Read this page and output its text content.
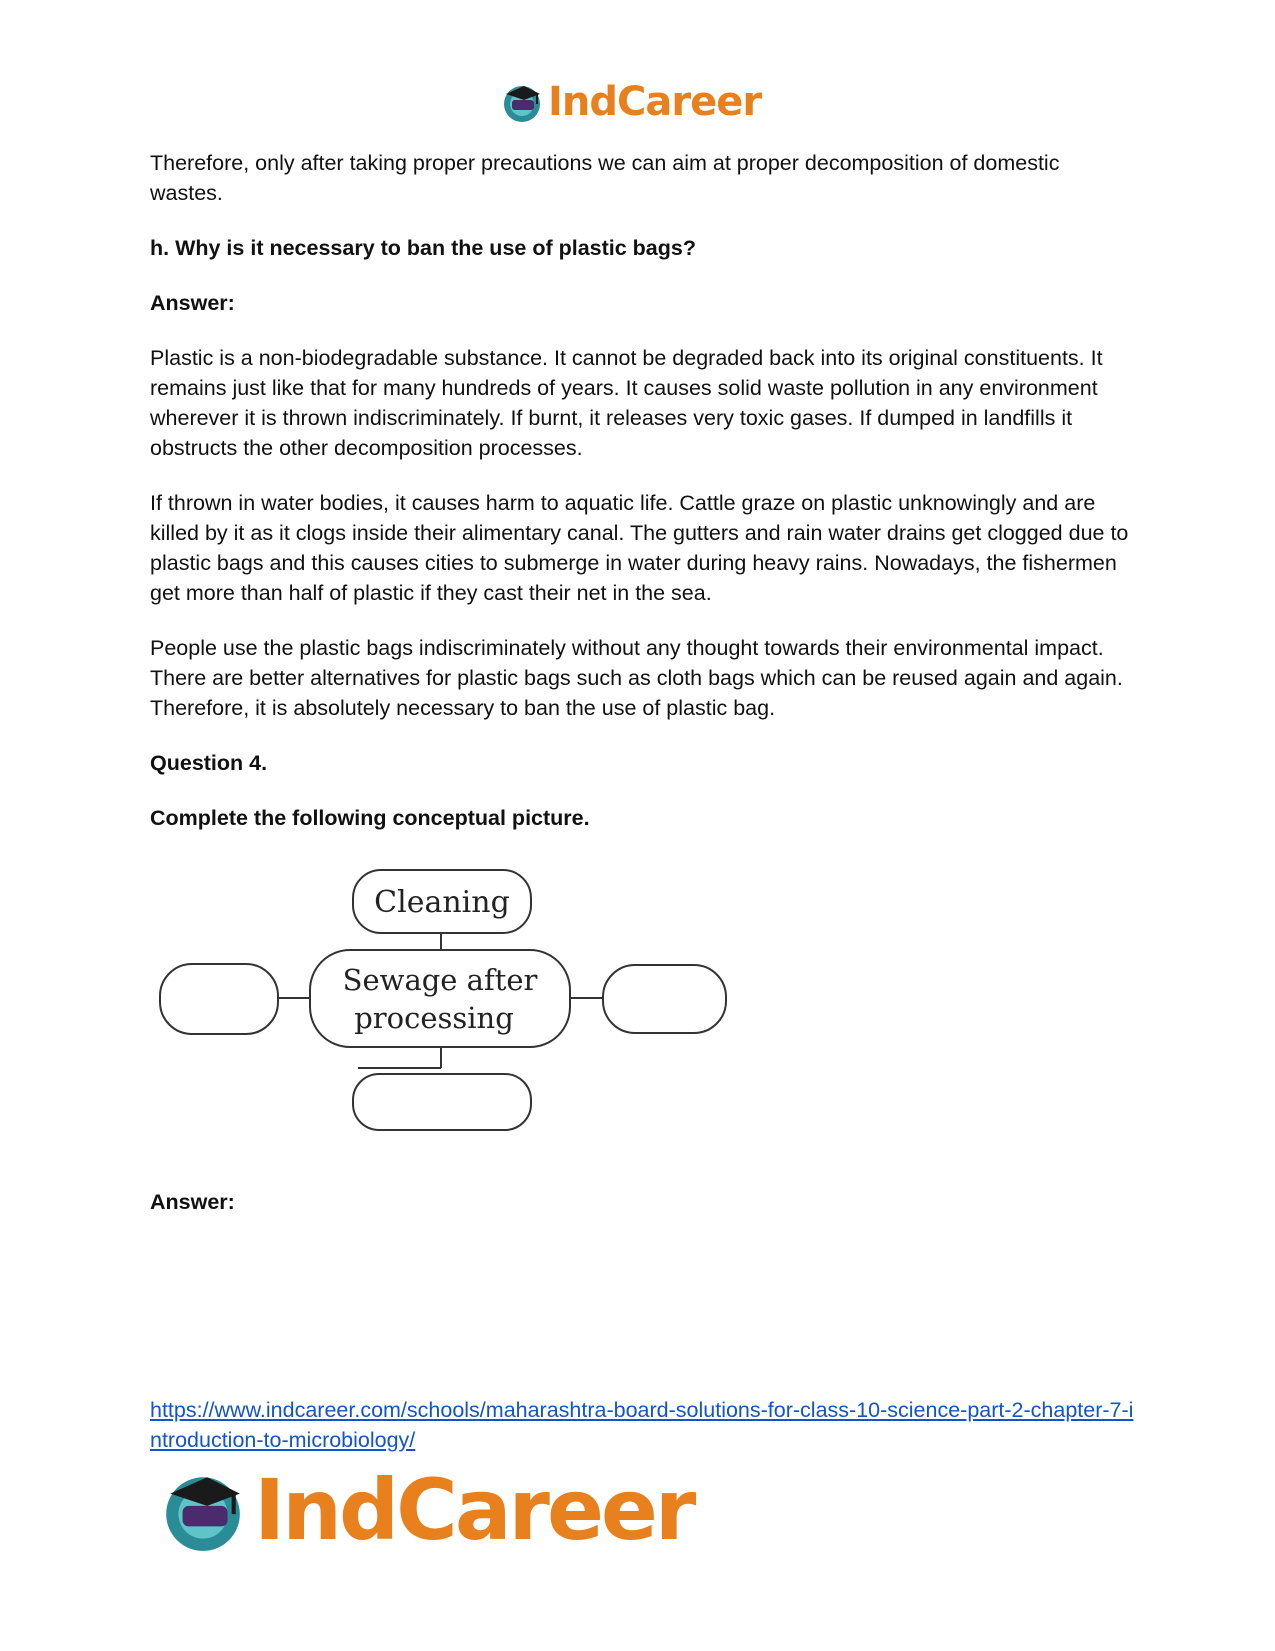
IndCareer

Therefore, only after taking proper precautions we can aim at proper decomposition of domestic wastes.

h. Why is it necessary to ban the use of plastic bags?

Answer:

Plastic is a non-biodegradable substance. It cannot be degraded back into its original constituents. It remains just like that for many hundreds of years. It causes solid waste pollution in any environment wherever it is thrown indiscriminately. If burnt, it releases very toxic gases. If dumped in landfills it obstructs the other decomposition processes.

If thrown in water bodies, it causes harm to aquatic life. Cattle graze on plastic unknowingly and are killed by it as it clogs inside their alimentary canal. The gutters and rain water drains get clogged due to plastic bags and this causes cities to submerge in water during heavy rains. Nowadays, the fishermen get more than half of plastic if they cast their net in the sea.

People use the plastic bags indiscriminately without any thought towards their environmental impact. There are better alternatives for plastic bags such as cloth bags which can be reused again and again. Therefore, it is absolutely necessary to ban the use of plastic bag.

Question 4.

Complete the following conceptual picture.

Cleaning
Sewage after
processing
Answer:
https://www.indcareer.com/schools/maharashtra-board-solutions-for-class-10-science-part-2-chapter-7-introduction-to-microbiology/
IndCareer
